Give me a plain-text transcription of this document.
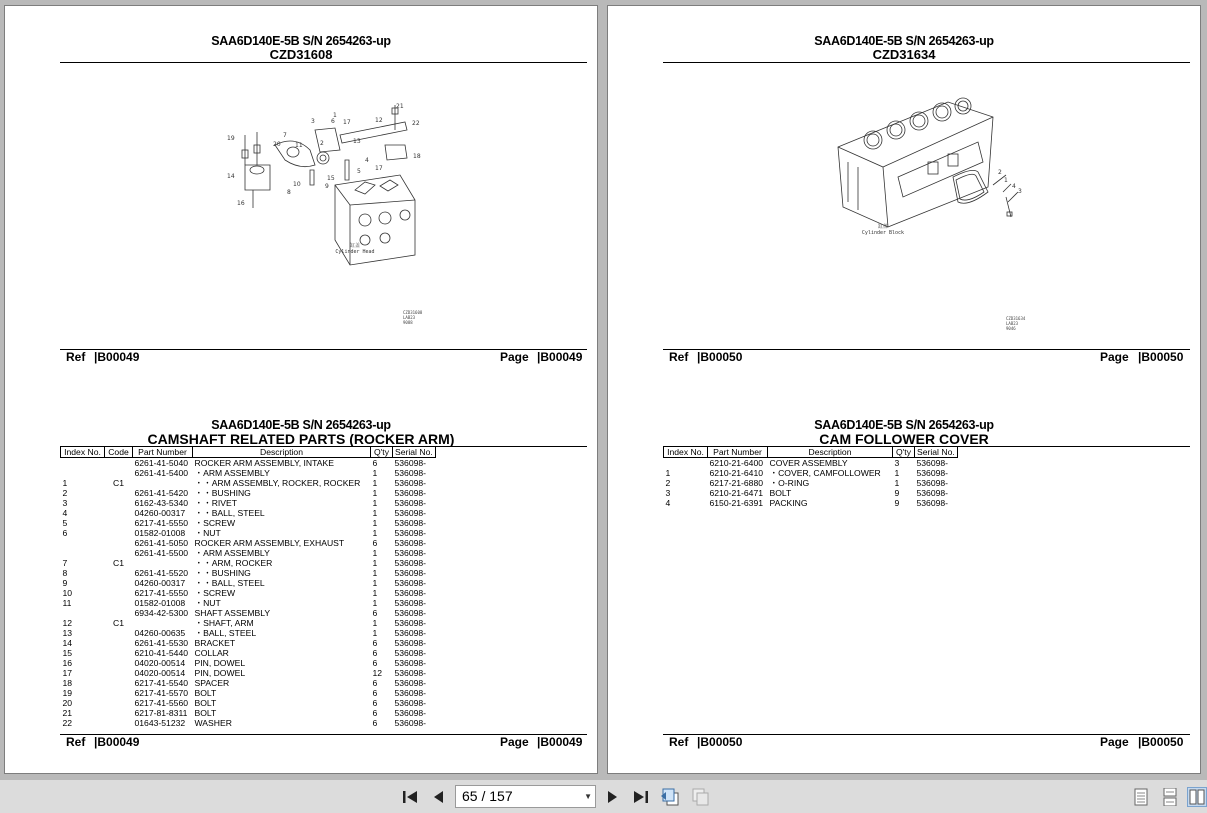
SAA6D140E-5B S/N 2654263-up
CZD31608
19
20
7
8
14
16
3	6 17	12
21
22
18
17
4
5
15
9
11
10
1
13
2
缸盖
Cylinder Head
CZD31608 LAB23 9088
Ref |B00049	Page |B00049
SAA6D140E-5B S/N 2654263-up
CAMSHAFT RELATED PARTS (ROCKER ARM)
Index No.	Code	Part Number	Description	Q'ty	Serial No.
		6261-41-5040	ROCKER ARM ASSEMBLY, INTAKE	6	536098-
		6261-41-5400	・ARM ASSEMBLY	1	536098-
1	C1		・・ARM ASSEMBLY, ROCKER, ROCKER	1	536098-
2		6261-41-5420	・・BUSHING	1	536098-
3		6162-43-5340	・・RIVET	1	536098-
4		04260-00317	・・BALL, STEEL	1	536098-
5		6217-41-5550	・SCREW	1	536098-
6		01582-01008	・NUT	1	536098-
		6261-41-5050	ROCKER ARM ASSEMBLY, EXHAUST	6	536098-
		6261-41-5500	・ARM ASSEMBLY	1	536098-
7	C1		・・ARM, ROCKER	1	536098-
8		6261-41-5520	・・BUSHING	1	536098-
9		04260-00317	・・BALL, STEEL	1	536098-
10		6217-41-5550	・SCREW	1	536098-
11		01582-01008	・NUT	1	536098-
		6934-42-5300	SHAFT ASSEMBLY	6	536098-
12	C1		・SHAFT, ARM	1	536098-
13		04260-00635	・BALL, STEEL	1	536098-
14		6261-41-5530	BRACKET	6	536098-
15		6210-41-5440	COLLAR	6	536098-
16		04020-00514	PIN, DOWEL	6	536098-
17		04020-00514	PIN, DOWEL	12	536098-
18		6217-41-5540	SPACER	6	536098-
19		6217-41-5570	BOLT	6	536098-
20		6217-41-5560	BOLT	6	536098-
21		6217-81-8311	BOLT	6	536098-
22		01643-51232	WASHER	6	536098-
Ref |B00049	Page |B00049
SAA6D140E-5B S/N 2654263-up
CZD31634
2
1
4
3
缸体
Cylinder Block
CZD31634 LAB23 9046
Ref |B00050	Page |B00050
SAA6D140E-5B S/N 2654263-up
CAM FOLLOWER COVER
Index No.	Part Number	Description	Q'ty	Serial No.
	6210-21-6400	COVER ASSEMBLY	3	536098-
1	6210-21-6410	・COVER, CAMFOLLOWER	1	536098-
2	6217-21-6880	・O-RING	1	536098-
3	6210-21-6471	BOLT	9	536098-
4	6150-21-6391	PACKING	9	536098-
Ref |B00050	Page |B00050
65 / 157	▼
